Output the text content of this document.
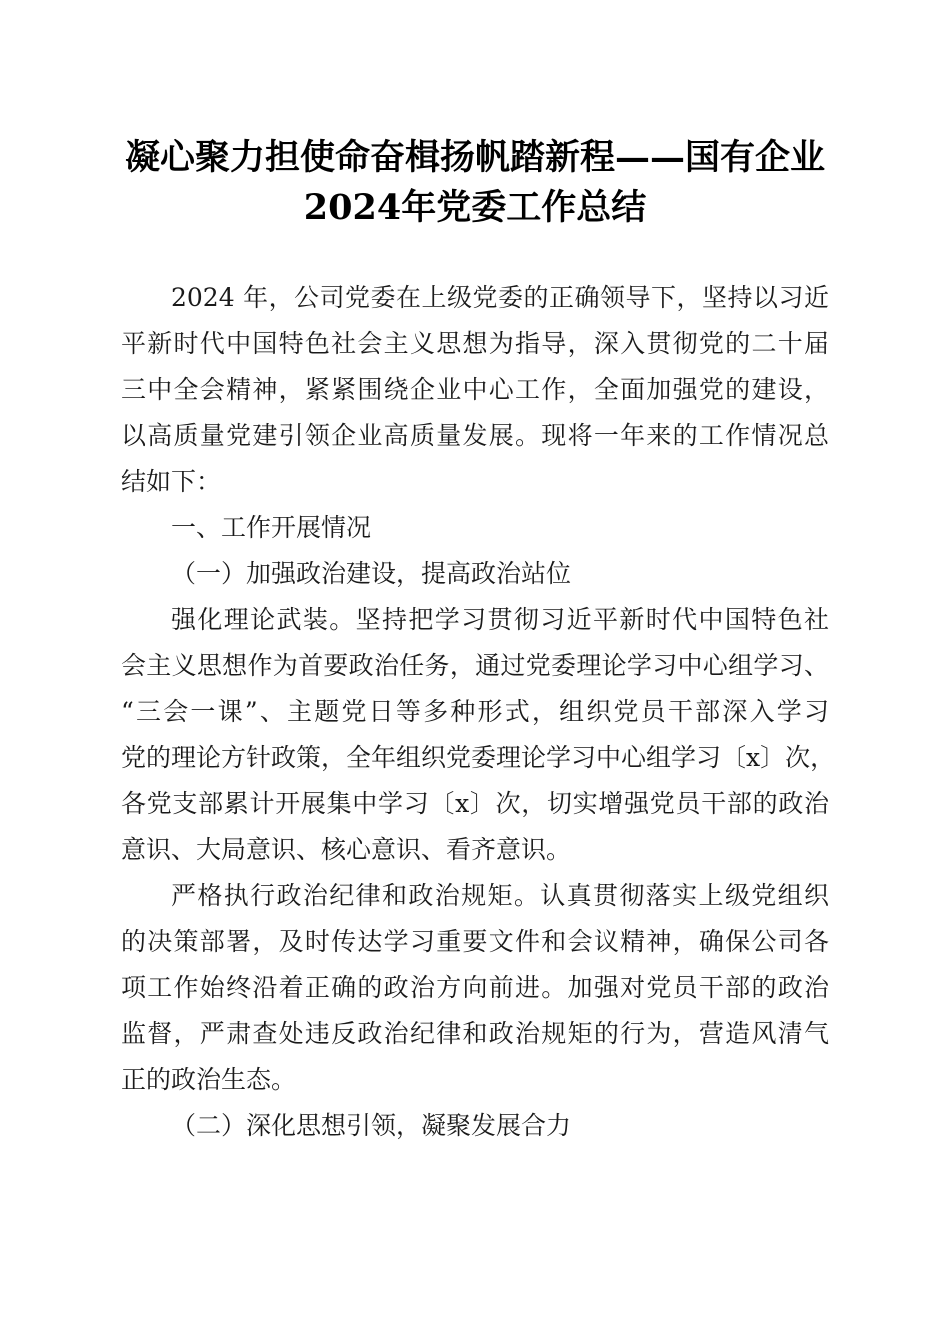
凝心聚力担使命奋楫扬帆踏新程——国有企业
2024年党委工作总结
2024 年，公司党委在上级党委的正确领导下，坚持以习近
平新时代中国特色社会主义思想为指导，深入贯彻党的二十届
三中全会精神，紧紧围绕企业中心工作，全面加强党的建设，
以高质量党建引领企业高质量发展。现将一年来的工作情况总
结如下：
一、工作开展情况
（一）加强政治建设，提高政治站位
强化理论武装。坚持把学习贯彻习近平新时代中国特色社
会主义思想作为首要政治任务，通过党委理论学习中心组学习、
“三会一课”、主题党日等多种形式，组织党员干部深入学习
党的理论方针政策，全年组织党委理论学习中心组学习〔x〕次，
各党支部累计开展集中学习〔x〕次，切实增强党员干部的政治
意识、大局意识、核心意识、看齐意识。
严格执行政治纪律和政治规矩。认真贯彻落实上级党组织
的决策部署，及时传达学习重要文件和会议精神，确保公司各
项工作始终沿着正确的政治方向前进。加强对党员干部的政治
监督，严肃查处违反政治纪律和政治规矩的行为，营造风清气
正的政治生态。
（二）深化思想引领，凝聚发展合力
